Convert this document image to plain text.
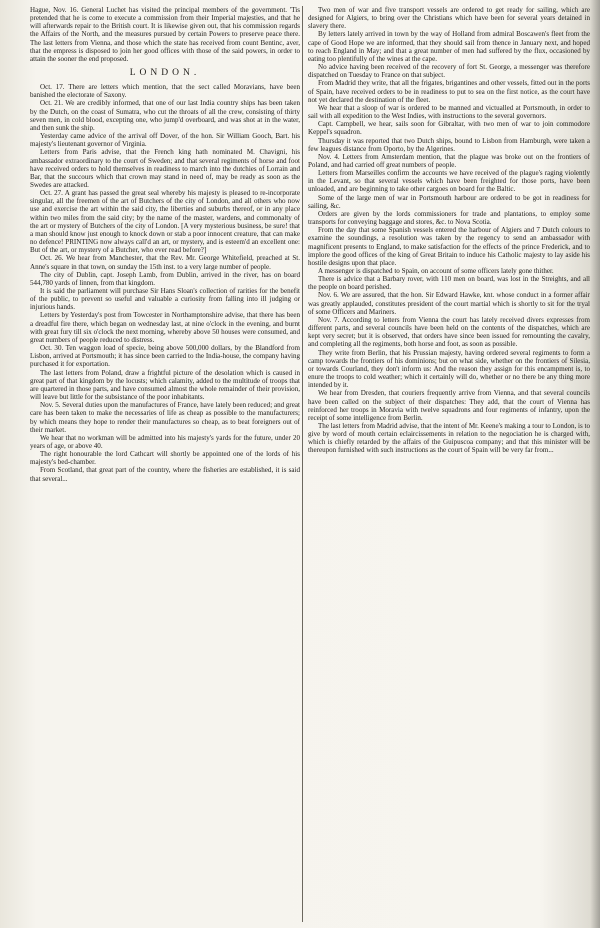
Hague, Nov. 16. General Luchet has visited the principal members of the government. 'Tis pretended that he is come to execute a commission from their Imperial majesties, and that he will afterwards repair to the British court. It is likewise given out, that his commission regards the Affairs of the North, and the measures pursued by certain Powers to preserve peace there. The last letters from Vienna, and those which the state has received from count Bentinc, aver, that the empress is disposed to join her good offices with those of the said powers, in order to attain the sooner the end proposed.

LONDON.

Oct. 17. There are letters which mention, that the sect called Moravians, have been banished the electorate of Saxony.

Oct. 21. We are credibly informed, that one of our last India country ships has been taken by the Dutch, on the coast of Sumatra, who cut the throats of all the crew, consisting of thirty seven men, in cold blood, excepting one, who jump'd overboard, and was shot at in the water, and then sunk the ship.

Yesterday came advice of the arrival off Dover, of the hon. Sir William Gooch, Bart. his majesty's lieutenant governor of Virginia.

Letters from Paris advise, that the French king hath nominated M. Chavigni, his ambassador extraordinary to the court of Sweden; and that several regiments of horse and foot have received orders to hold themselves in readiness to march into the dutchies of Lorrain and Bar, that the succours which that crown may stand in need of, may be ready as soon as the Swedes are attacked.

Oct. 27. A grant has passed the great seal whereby his majesty is pleased to re-incorporate singular, all the freemen of the art of Butchers of the city of London, and all others who now use and exercise the art within the said city, the liberties and suburbs thereof, or in any place within two miles from the said city; by the name of the master, wardens, and commonalty of the art or mystery of Butchers of the city of London. [A very mysterious business, be sure! that a man should know just enough to knock down or stab a poor innocent creature, that can make no defence! PRINTING now always call'd an art, or mystery, and is esteem'd an excellent one: But of the art, or mystery of a Butcher, who ever read before?]

Oct. 26. We hear from Manchester, that the Rev. Mr. George Whitefield, preached at St. Anne's square in that town, on sunday the 15th inst. to a very large number of people.

The city of Dublin, capt. Joseph Lamb, from Dublin, arrived in the river, has on board 544,780 yards of linnen, from that kingdom.

It is said the parliament will purchase Sir Hans Sloan's collection of rarities for the benefit of the public, to prevent so useful and valuable a curiosity from falling into ill judging or injurious hands.

Letters by Yesterday's post from Towcester in Northamptonshire advise, that there has been a dreadful fire there, which began on wednesday last, at nine o'clock in the evening, and burnt with great fury till six o'clock the next morning, whereby above 50 houses were consumed, and great numbers of people reduced to distress.

Oct. 30. Ten waggon load of specie, being above 500,000 dollars, by the Blandford from Lisbon, arrived at Portsmouth; it has since been carried to the India-house, the company having purchased it for exportation.

The last letters from Poland, draw a frightful picture of the desolation which is caused in great part of that kingdom by the locusts; which calamity, added to the multitude of troops that are quartered in those parts, and have consumed almost the whole remainder of their provision, will leave but little for the subsistance of the poor inhabitants.

Nov. 5. Several duties upon the manufactures of France, have lately been reduced; and great care has been taken to make the necessaries of life as cheap as possible to the manufacturers; by which means they hope to render their manufactures so cheap, as to beat foreigners out of their market.

We hear that no workman will be admitted into his majesty's yards for the future, under 20 years of age, or above 40.

The right honourable the lord Cathcart will shortly be appointed one of the lords of his majesty's bed-chamber.

From Scotland, that great part of the country, where the fisheries are established, it is said that several...

Two men of war and five transport vessels are ordered to get ready for sailing, which are designed for Algiers, to bring over the Christians which have been for several years detained in slavery there.

By letters lately arrived in town by the way of Holland from admiral Boscawen's fleet from the cape of Good Hope we are informed, that they should sail from thence in January next, and hoped to reach England in May; and that a great number of men had suffered by the flux, occasioned by eating too plentifully of the wines at the cape.

No advice having been received of the recovery of fort St. George, a messenger was therefore dispatched on Tuesday to France on that subject.

From Madrid they write, that all the frigates, brigantines and other vessels, fitted out in the ports of Spain, have received orders to be in readiness to put to sea on the first notice, as the court have not yet declared the destination of the fleet.

We hear that a sloop of war is ordered to be manned and victualled at Portsmouth, in order to sail with all expedition to the West Indies, with instructions to the several governors.

Capt. Campbell, we hear, sails soon for Gibraltar, with two men of war to join commodore Keppel's squadron.

Thursday it was reported that two Dutch ships, bound to Lisbon from Hamburgh, were taken a few leagues distance from Oporto, by the Algerines.

Nov. 4. Letters from Amsterdam mention, that the plague was broke out on the frontiers of Poland, and had carried off great numbers of people.

Letters from Marseilles confirm the accounts we have received of the plague's raging violently in the Levant, so that several vessels which have been freighted for those ports, have been unloaded, and are beginning to take other cargoes on board for the Baltic.

Some of the large men of war in Portsmouth harbour are ordered to be got in readiness for sailing, &c.

Orders are given by the lords commissioners for trade and plantations, to employ some transports for conveying baggage and stores, &c. to Nova Scotia.

From the day that some Spanish vessels entered the harbour of Algiers and 7 Dutch colours to examine the soundings, a resolution was taken by the regency to send an ambassador with magnificent presents to England, to make satisfaction for the effects of the prince Frederick, and to implore the good offices of the king of Great Britain to induce his Catholic majesty to lay aside his hostile designs upon that place.

A messenger is dispatched to Spain, on account of some officers lately gone thither.

There is advice that a Barbary rover, with 110 men on board, was lost in the Streights, and all the people on board perished.

Nov. 6. We are assured, that the hon. Sir Edward Hawke, knt. whose conduct in a former affair was greatly applauded, constitutes president of the court martial which is shortly to sit for the tryal of some Officers and Mariners.

Nov. 7. According to letters from Vienna the court has lately received divers expresses from different parts, and several councils have been held on the contents of the dispatches, which are kept very secret; but it is observed, that orders have since been issued for remounting the cavalry, and completing all the regiments, both horse and foot, as soon as possible.

They write from Berlin, that his Prussian majesty, having ordered several regiments to form a camp towards the frontiers of his dominions; but on what side, whether on the frontiers of Silesia, or towards Courland, they don't inform us: And the reason they assign for this encampment is, to enure the troops to cold weather; which it certainly will do, whether or no there be any thing more intended by it.

We hear from Dresden, that couriers frequently arrive from Vienna, and that several councils have been called on the subject of their dispatches: They add, that the court of Vienna has reinforced her troops in Moravia with twelve squadrons and four regiments of infantry, upon the receipt of some intelligence from Berlin.

The last letters from Madrid advise, that the intent of Mr. Keene's making a tour to London, is to give by word of mouth certain eclaircissements in relation to the negociation he is charged with, which is chiefly retarded by the affairs of the Guipuscoa company; and that this minister will be thereupon furnished with such instructions as the court of Spain will be very far from...
